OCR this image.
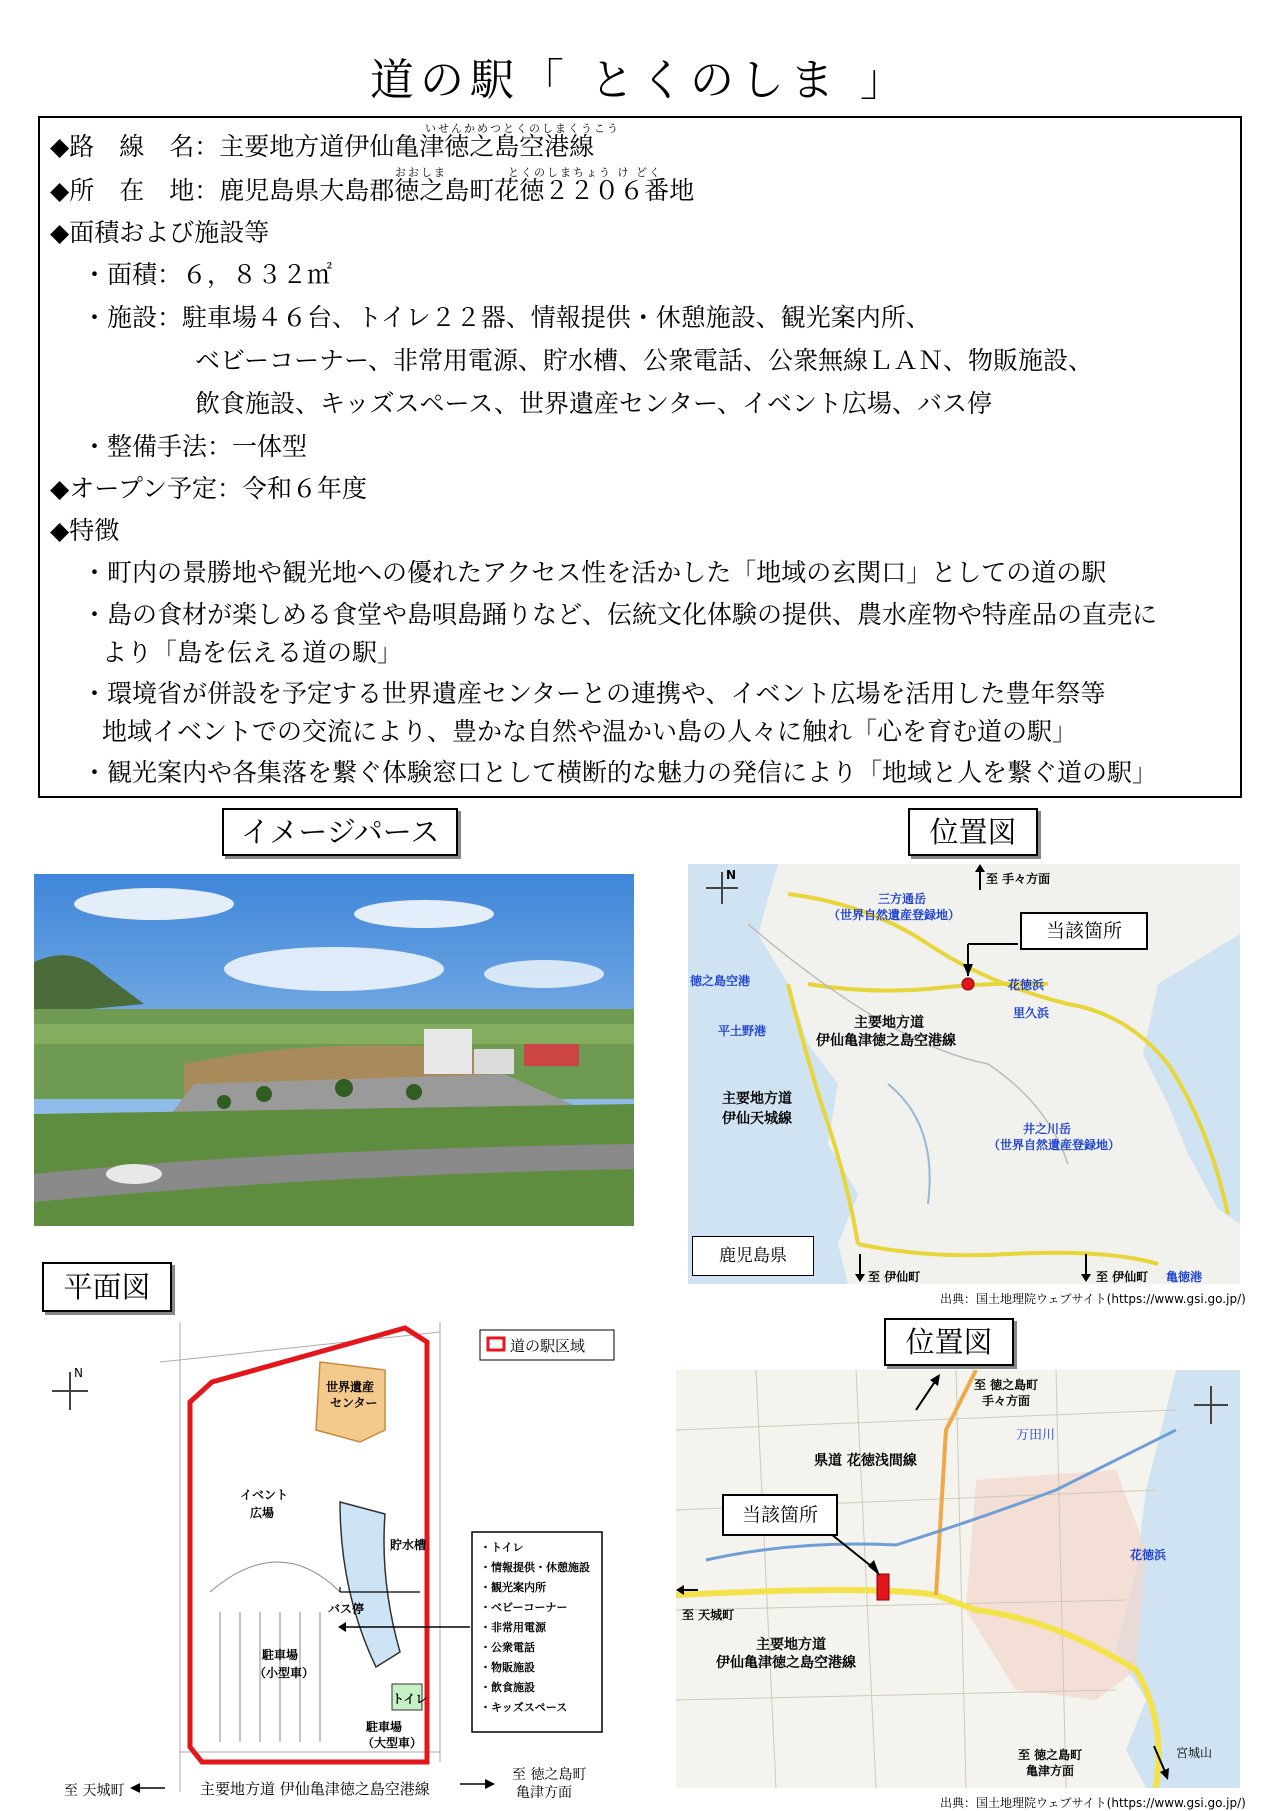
道の駅「 とくのしま 」
いせんかめつとくのしまくうこう
◆路　線　名：主要地方道伊仙亀津徳之島空港線
おおしま	とくのしまちょう け どく
◆所　在　地：鹿児島県大島郡徳之島町花徳２２０６番地
◆面積および施設等
・面積：６，８３２㎡
・施設：駐車場４６台、トイレ２２器、情報提供・休憩施設、観光案内所、
ベビーコーナー、非常用電源、貯水槽、公衆電話、公衆無線ＬＡＮ、物販施設、
飲食施設、キッズスペース、世界遺産センター、イベント広場、バス停
・整備手法：一体型
◆オープン予定：令和６年度
◆特徴
・町内の景勝地や観光地への優れたアクセス性を活かした「地域の玄関口」としての道の駅
・島の食材が楽しめる食堂や島唄島踊りなど、伝統文化体験の提供、農水産物や特産品の直売に
より「島を伝える道の駅」
・環境省が併設を予定する世界遺産センターとの連携や、イベント広場を活用した豊年祭等
地域イベントでの交流により、豊かな自然や温かい島の人々に触れ「心を育む道の駅」
・観光案内や各集落を繋ぐ体験窓口として横断的な魅力の発信により「地域と人を繋ぐ道の駅」
イメージパース	位置図
平面図
位置図
N	至 手々方面
三方通岳
（世界自然遺産登録地）
当該箇所
徳之島空港	花徳浜
里久浜
主要地方道
伊仙亀津徳之島空港線
平土野港
主要地方道
伊仙天城線
井之川岳
（世界自然遺産登録地）
鹿児島県
至 伊仙町	至 伊仙町 亀徳港
出典：国土地理院ウェブサイト(https://www.gsi.go.jp/)
N
道の駅区域
世界遺産
センター
イベント
広場
貯水槽
バス停
駐車場
（小型車）
トイレ
駐車場
（大型車）
・トイレ
・情報提供・休憩施設
・観光案内所
・ベビーコーナー
・非常用電源
・公衆電話
・物販施設
・飲食施設
・キッズスペース
主要地方道 伊仙亀津徳之島空港線
至 天城町
至 徳之島町
亀津方面
至 徳之島町
手々方面
県道 花徳浅間線
万田川
当該箇所
花徳浜
至 天城町
主要地方道
伊仙亀津徳之島空港線
至 徳之島町
亀津方面
宮城山
出典：国土地理院ウェブサイト(https://www.gsi.go.jp/)
